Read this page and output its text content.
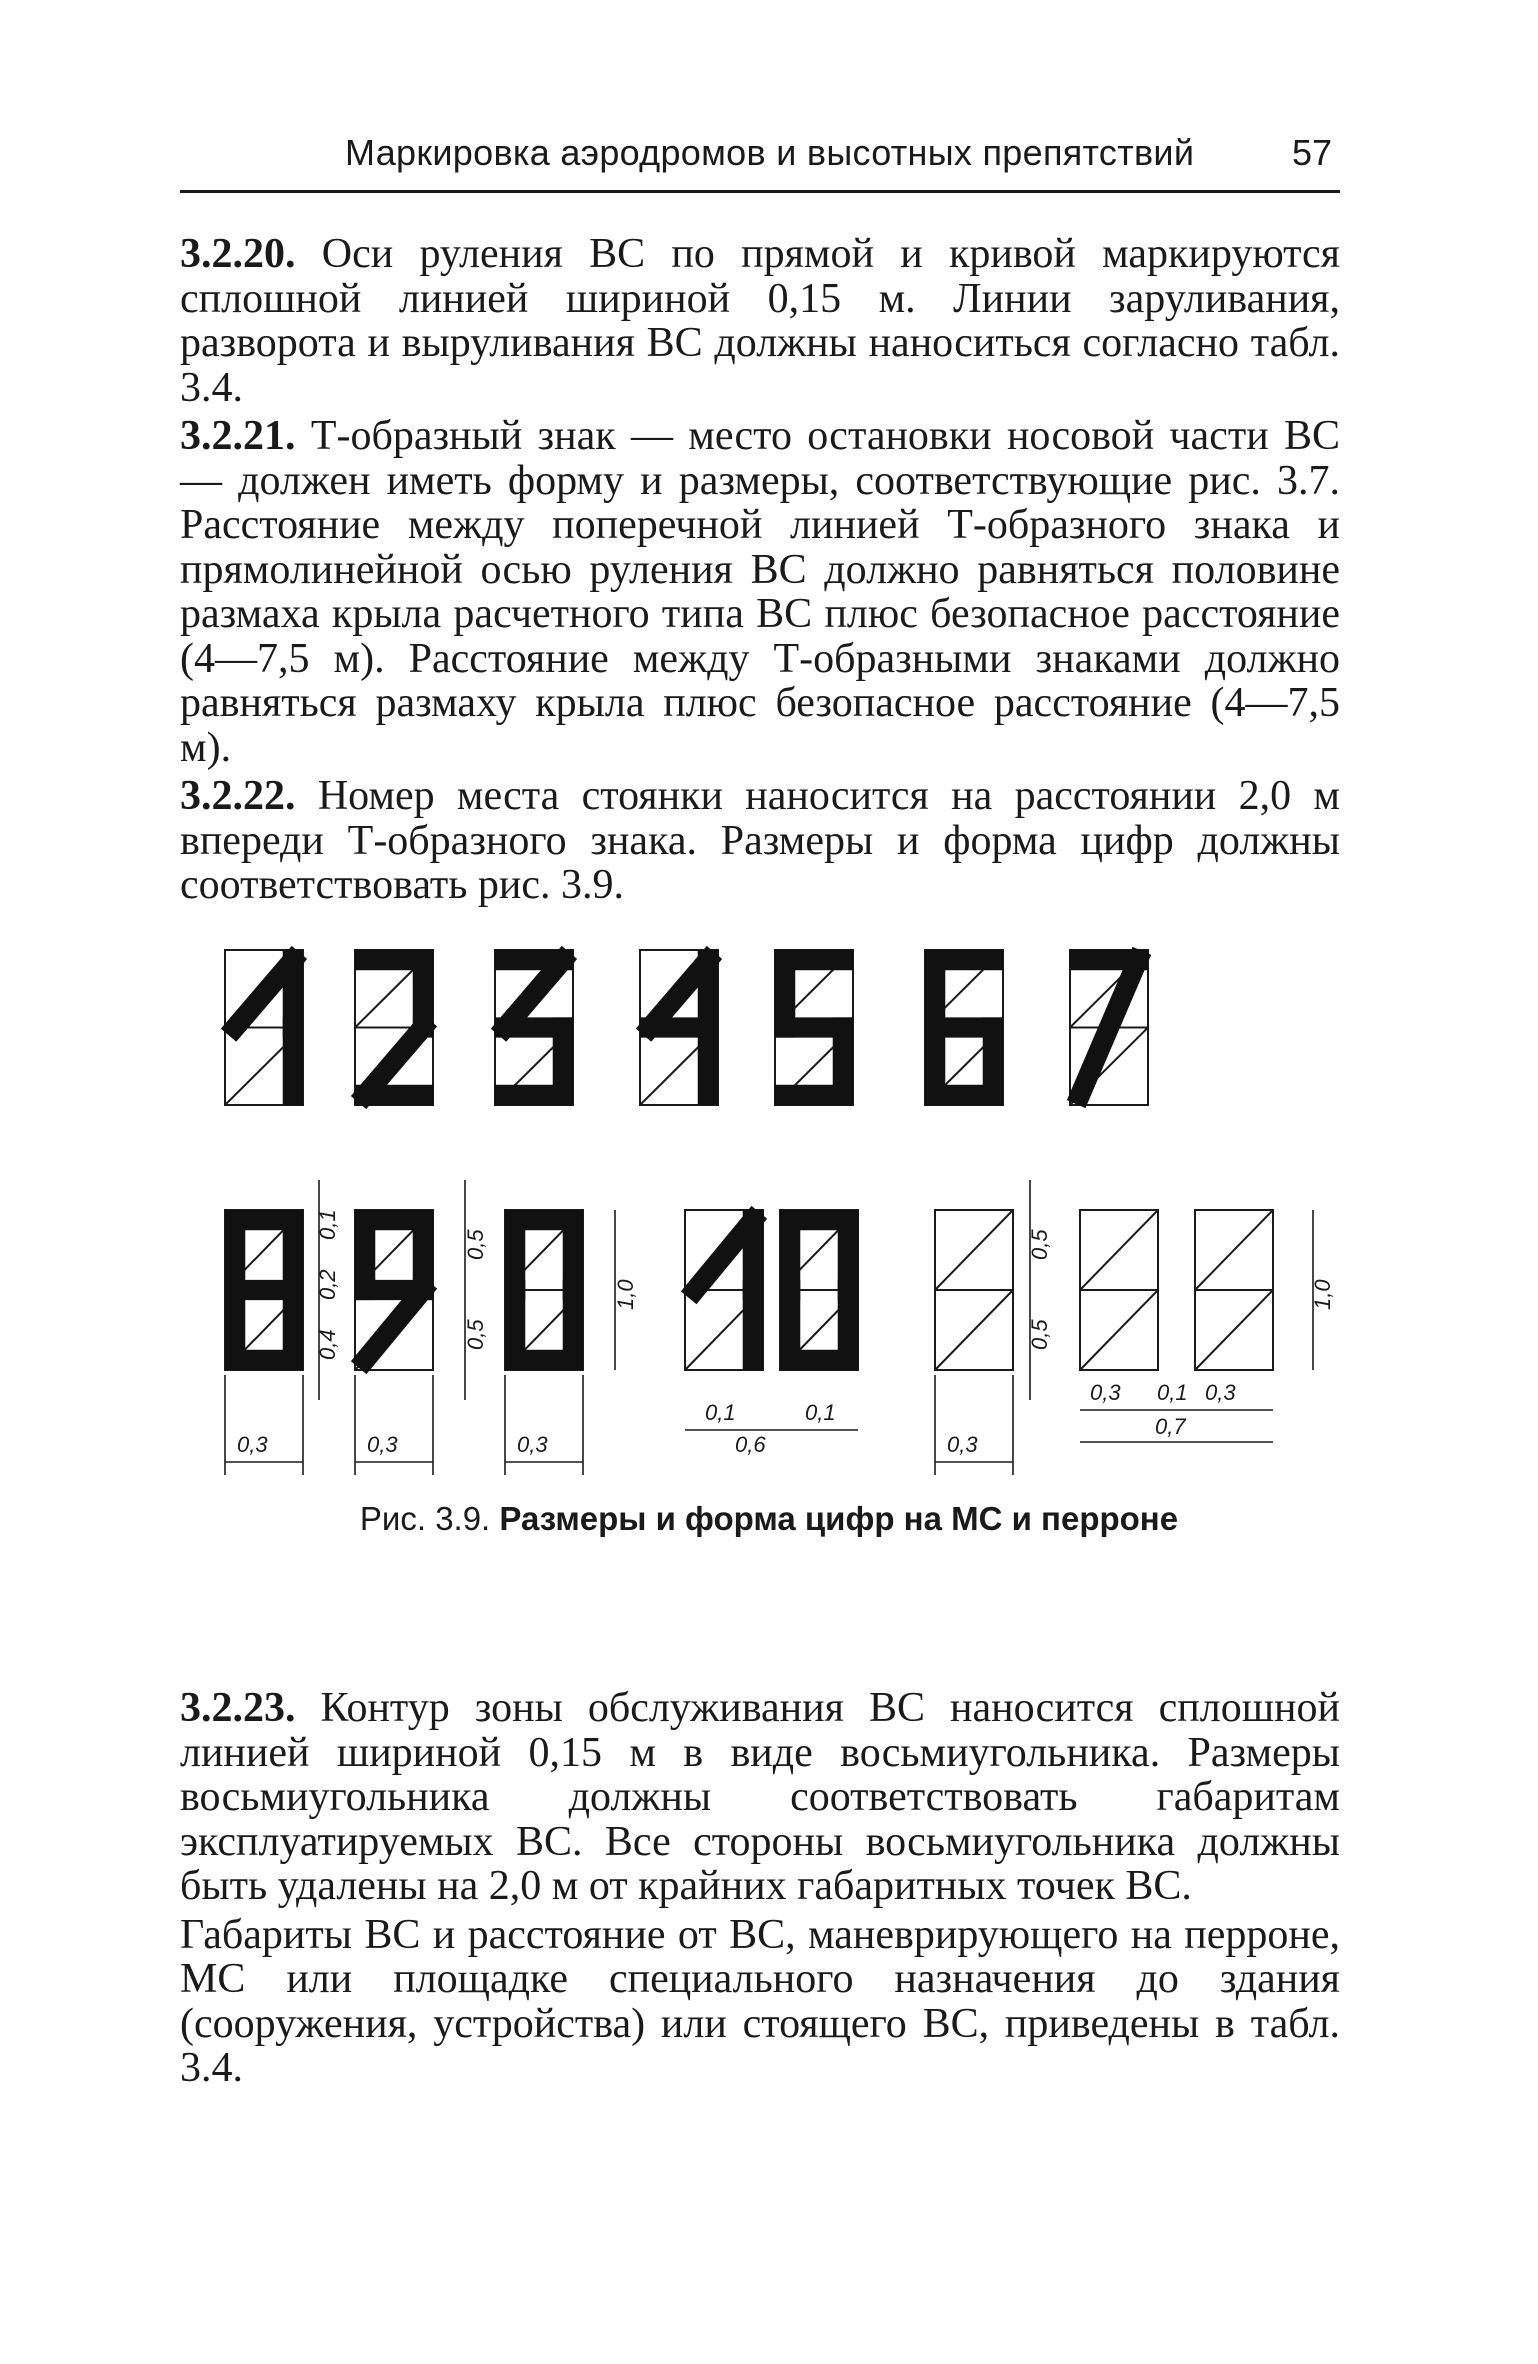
Маркировка аэродромов и высотных препятствий	57

3.2.20. Оси руления ВС по прямой и кривой маркируются сплошной линией шириной 0,15 м. Линии заруливания, разворота и выруливания ВС должны наноситься согласно табл. 3.4.

3.2.21. Т-образный знак — место остановки носовой части ВС — должен иметь форму и размеры, соответствующие рис. 3.7. Расстояние между поперечной линией Т-образного знака и прямолинейной осью руления ВС должно равняться половине размаха крыла расчетного типа ВС плюс безопасное расстояние (4—7,5 м). Расстояние между Т-образными знаками должно равняться размаху крыла плюс безопасное расстояние (4—7,5 м).

3.2.22. Номер места стоянки наносится на расстоянии 2,0 м впереди Т-образного знака. Размеры и форма цифр должны соответствовать рис. 3.9.

0,3	0,3	0,3	0,3
0,1
0,2
0,4
0,5
0,5
1,0
0,1	0,1
0,6
0,5
0,5
0,3 0,1 0,3
0,7
1,0
Рис. 3.9. Размеры и форма цифр на МС и перроне

3.2.23. Контур зоны обслуживания ВС наносится сплошной линией шириной 0,15 м в виде восьмиугольника. Размеры восьмиугольника должны соответствовать габаритам эксплуатируемых ВС. Все стороны восьмиугольника должны быть удалены на 2,0 м от крайних габаритных точек ВС.

Габариты ВС и расстояние от ВС, маневрирующего на перроне, МС или площадке специального назначения до здания (сооружения, устройства) или стоящего ВС, приведены в табл. 3.4.
